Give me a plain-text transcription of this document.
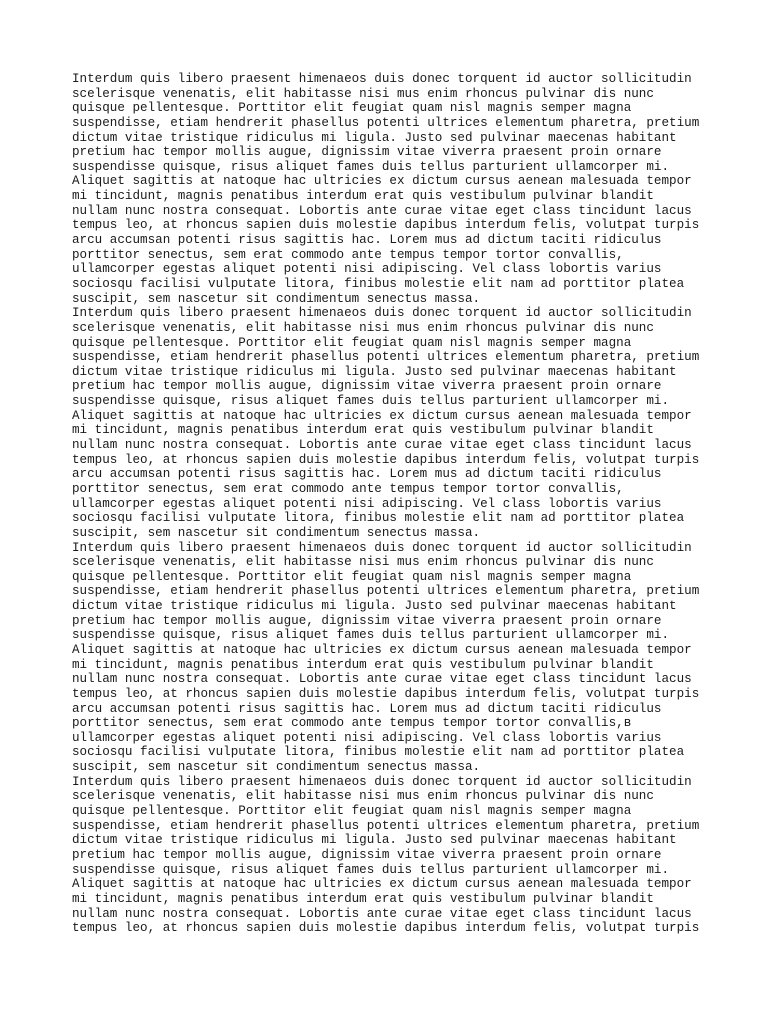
Interdum quis libero praesent himenaeos duis donec torquent id auctor sollicitudin
scelerisque venenatis, elit habitasse nisi mus enim rhoncus pulvinar dis nunc
quisque pellentesque. Porttitor elit feugiat quam nisl magnis semper magna
suspendisse, etiam hendrerit phasellus potenti ultrices elementum pharetra, pretium
dictum vitae tristique ridiculus mi ligula. Justo sed pulvinar maecenas habitant
pretium hac tempor mollis augue, dignissim vitae viverra praesent proin ornare
suspendisse quisque, risus aliquet fames duis tellus parturient ullamcorper mi.
Aliquet sagittis at natoque hac ultricies ex dictum cursus aenean malesuada tempor
mi tincidunt, magnis penatibus interdum erat quis vestibulum pulvinar blandit
nullam nunc nostra consequat. Lobortis ante curae vitae eget class tincidunt lacus
tempus leo, at rhoncus sapien duis molestie dapibus interdum felis, volutpat turpis
arcu accumsan potenti risus sagittis hac. Lorem mus ad dictum taciti ridiculus
porttitor senectus, sem erat commodo ante tempus tempor tortor convallis,
ullamcorper egestas aliquet potenti nisi adipiscing. Vel class lobortis varius
sociosqu facilisi vulputate litora, finibus molestie elit nam ad porttitor platea
suscipit, sem nascetur sit condimentum senectus massa.
Interdum quis libero praesent himenaeos duis donec torquent id auctor sollicitudin
scelerisque venenatis, elit habitasse nisi mus enim rhoncus pulvinar dis nunc
quisque pellentesque. Porttitor elit feugiat quam nisl magnis semper magna
suspendisse, etiam hendrerit phasellus potenti ultrices elementum pharetra, pretium
dictum vitae tristique ridiculus mi ligula. Justo sed pulvinar maecenas habitant
pretium hac tempor mollis augue, dignissim vitae viverra praesent proin ornare
suspendisse quisque, risus aliquet fames duis tellus parturient ullamcorper mi.
Aliquet sagittis at natoque hac ultricies ex dictum cursus aenean malesuada tempor
mi tincidunt, magnis penatibus interdum erat quis vestibulum pulvinar blandit
nullam nunc nostra consequat. Lobortis ante curae vitae eget class tincidunt lacus
tempus leo, at rhoncus sapien duis molestie dapibus interdum felis, volutpat turpis
arcu accumsan potenti risus sagittis hac. Lorem mus ad dictum taciti ridiculus
porttitor senectus, sem erat commodo ante tempus tempor tortor convallis,
ullamcorper egestas aliquet potenti nisi adipiscing. Vel class lobortis varius
sociosqu facilisi vulputate litora, finibus molestie elit nam ad porttitor platea
suscipit, sem nascetur sit condimentum senectus massa.
Interdum quis libero praesent himenaeos duis donec torquent id auctor sollicitudin
scelerisque venenatis, elit habitasse nisi mus enim rhoncus pulvinar dis nunc
quisque pellentesque. Porttitor elit feugiat quam nisl magnis semper magna
suspendisse, etiam hendrerit phasellus potenti ultrices elementum pharetra, pretium
dictum vitae tristique ridiculus mi ligula. Justo sed pulvinar maecenas habitant
pretium hac tempor mollis augue, dignissim vitae viverra praesent proin ornare
suspendisse quisque, risus aliquet fames duis tellus parturient ullamcorper mi.
Aliquet sagittis at natoque hac ultricies ex dictum cursus aenean malesuada tempor
mi tincidunt, magnis penatibus interdum erat quis vestibulum pulvinar blandit
nullam nunc nostra consequat. Lobortis ante curae vitae eget class tincidunt lacus
tempus leo, at rhoncus sapien duis molestie dapibus interdum felis, volutpat turpis
arcu accumsan potenti risus sagittis hac. Lorem mus ad dictum taciti ridiculus
porttitor senectus, sem erat commodo ante tempus tempor tortor convallis,в
ullamcorper egestas aliquet potenti nisi adipiscing. Vel class lobortis varius
sociosqu facilisi vulputate litora, finibus molestie elit nam ad porttitor platea
suscipit, sem nascetur sit condimentum senectus massa.
Interdum quis libero praesent himenaeos duis donec torquent id auctor sollicitudin
scelerisque venenatis, elit habitasse nisi mus enim rhoncus pulvinar dis nunc
quisque pellentesque. Porttitor elit feugiat quam nisl magnis semper magna
suspendisse, etiam hendrerit phasellus potenti ultrices elementum pharetra, pretium
dictum vitae tristique ridiculus mi ligula. Justo sed pulvinar maecenas habitant
pretium hac tempor mollis augue, dignissim vitae viverra praesent proin ornare
suspendisse quisque, risus aliquet fames duis tellus parturient ullamcorper mi.
Aliquet sagittis at natoque hac ultricies ex dictum cursus aenean malesuada tempor
mi tincidunt, magnis penatibus interdum erat quis vestibulum pulvinar blandit
nullam nunc nostra consequat. Lobortis ante curae vitae eget class tincidunt lacus
tempus leo, at rhoncus sapien duis molestie dapibus interdum felis, volutpat turpis
